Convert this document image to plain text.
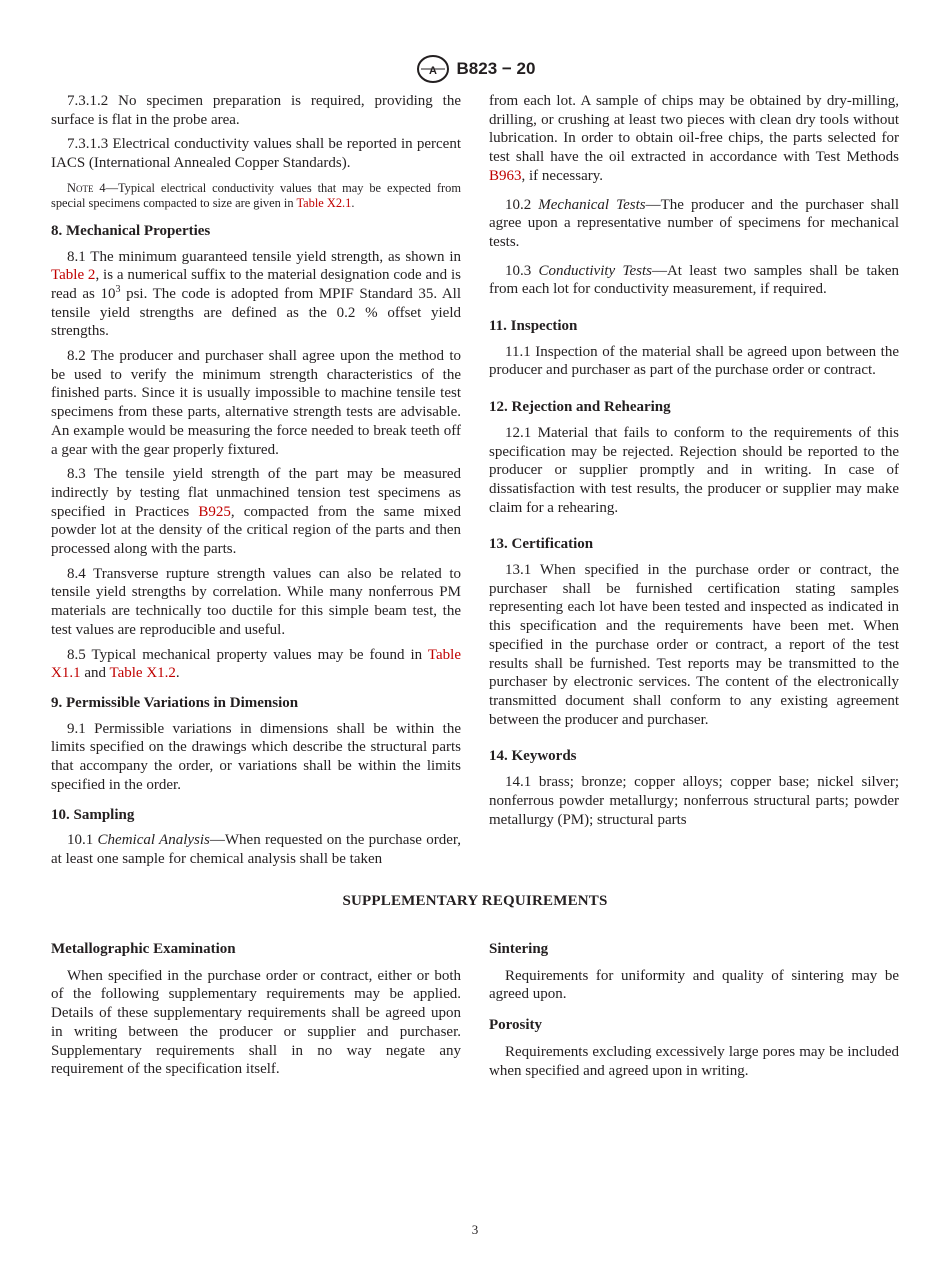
A B823 − 20

7.3.1.2 No specimen preparation is required, providing the surface is flat in the probe area.

7.3.1.3 Electrical conductivity values shall be reported in percent IACS (International Annealed Copper Standards).

Note 4—Typical electrical conductivity values that may be expected from special specimens compacted to size are given in Table X2.1.

8. Mechanical Properties

8.1 The minimum guaranteed tensile yield strength, as shown in Table 2, is a numerical suffix to the material designation code and is read as $10^3$ psi. The code is adopted from MPIF Standard 35. All tensile yield strengths are defined as the 0.2 % offset yield strengths.

8.2 The producer and purchaser shall agree upon the method to be used to verify the minimum strength characteristics of the finished parts. Since it is usually impossible to machine tensile test specimens from these parts, alternative strength tests are advisable. An example would be measuring the force needed to break teeth off a gear with the gear properly fixtured.

8.3 The tensile yield strength of the part may be measured indirectly by testing flat unmachined tension test specimens as specified in Practices B925, compacted from the same mixed powder lot at the density of the critical region of the parts and then processed along with the parts.

8.4 Transverse rupture strength values can also be related to tensile yield strengths by correlation. While many nonferrous PM materials are technically too ductile for this simple beam test, the test values are reproducible and useful.

8.5 Typical mechanical property values may be found in Table X1.1 and Table X1.2.

9. Permissible Variations in Dimension

9.1 Permissible variations in dimensions shall be within the limits specified on the drawings which describe the structural parts that accompany the order, or variations shall be within the limits specified in the order.

10. Sampling

10.1 Chemical Analysis—When requested on the purchase order, at least one sample for chemical analysis shall be taken

from each lot. A sample of chips may be obtained by dry-milling, drilling, or crushing at least two pieces with clean dry tools without lubrication. In order to obtain oil-free chips, the parts selected for test shall have the oil extracted in accordance with Test Methods B963, if necessary.

10.2 Mechanical Tests—The producer and the purchaser shall agree upon a representative number of specimens for mechanical tests.

10.3 Conductivity Tests—At least two samples shall be taken from each lot for conductivity measurement, if required.

11. Inspection

11.1 Inspection of the material shall be agreed upon between the producer and purchaser as part of the purchase order or contract.

12. Rejection and Rehearing

12.1 Material that fails to conform to the requirements of this specification may be rejected. Rejection should be reported to the producer or supplier promptly and in writing. In case of dissatisfaction with test results, the producer or supplier may make claim for a rehearing.

13. Certification

13.1 When specified in the purchase order or contract, the purchaser shall be furnished certification stating samples representing each lot have been tested and inspected as indicated in this specification and the requirements have been met. When specified in the purchase order or contract, a report of the test results shall be furnished. Test reports may be transmitted to the purchaser by electronic services. The content of the electronically transmitted document shall conform to any existing agreement between the producer and purchaser.

14. Keywords

14.1 brass; bronze; copper alloys; copper base; nickel silver; nonferrous powder metallurgy; nonferrous structural parts; powder metallurgy (PM); structural parts

SUPPLEMENTARY REQUIREMENTS
Metallographic Examination

When specified in the purchase order or contract, either or both of the following supplementary requirements may be applied. Details of these supplementary requirements shall be agreed upon in writing between the producer or supplier and purchaser. Supplementary requirements shall in no way negate any requirement of the specification itself.

Sintering

Requirements for uniformity and quality of sintering may be agreed upon.

Porosity

Requirements excluding excessively large pores may be included when specified and agreed upon in writing.

3
